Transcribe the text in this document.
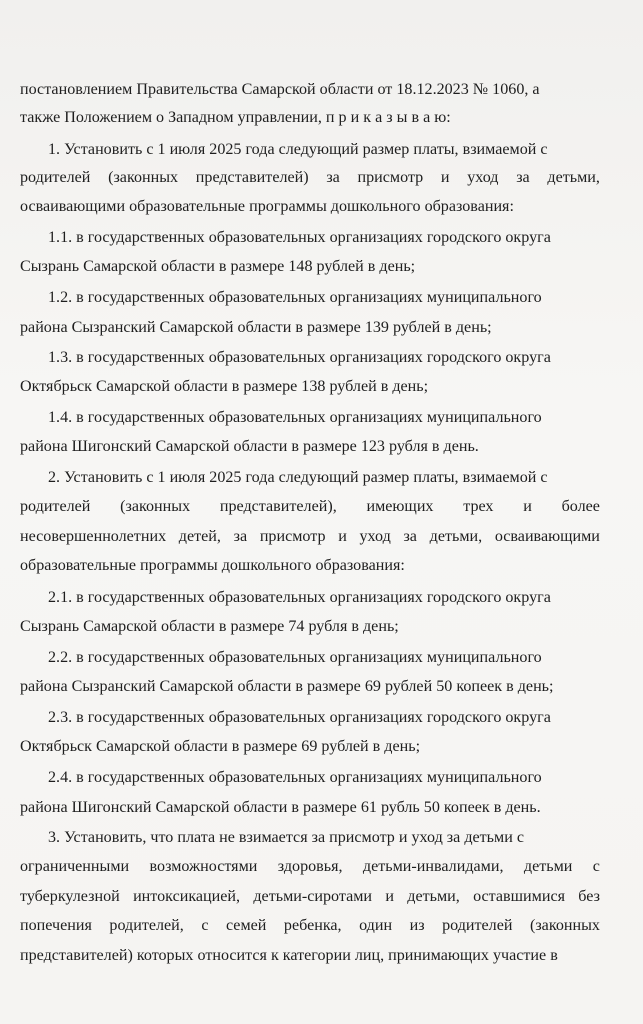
постановлением Правительства Самарской области от 18.12.2023 № 1060, а
также Положением о Западном управлении, п р и к а з ы в а ю:
1. Установить с 1 июля 2025 года следующий размер платы, взимаемой с
родителей (законных представителей) за присмотр и уход за детьми,
осваивающими образовательные программы дошкольного образования:
1.1. в государственных образовательных организациях городского округа
Сызрань Самарской области в размере 148 рублей в день;
1.2. в государственных образовательных организациях муниципального
района Сызранский Самарской области в размере 139 рублей в день;
1.3. в государственных образовательных организациях городского округа
Октябрьск Самарской области в размере 138 рублей в день;
1.4. в государственных образовательных организациях муниципального
района Шигонский Самарской области в размере 123 рубля в день.
2. Установить с 1 июля 2025 года следующий размер платы, взимаемой с
родителей (законных представителей), имеющих трех и более
несовершеннолетних детей, за присмотр и уход за детьми, осваивающими
образовательные программы дошкольного образования:
2.1. в государственных образовательных организациях городского округа
Сызрань Самарской области в размере 74 рубля в день;
2.2. в государственных образовательных организациях муниципального
района Сызранский Самарской области в размере 69 рублей 50 копеек в день;
2.3. в государственных образовательных организациях городского округа
Октябрьск Самарской области в размере 69 рублей в день;
2.4. в государственных образовательных организациях муниципального
района Шигонский Самарской области в размере 61 рубль 50 копеек в день.
3. Установить, что плата не взимается за присмотр и уход за детьми с
ограниченными возможностями здоровья, детьми-инвалидами, детьми с
туберкулезной интоксикацией, детьми-сиротами и детьми, оставшимися без
попечения родителей, с семей ребенка, один из родителей (законных
представителей) которых относится к категории лиц, принимающих участие в
